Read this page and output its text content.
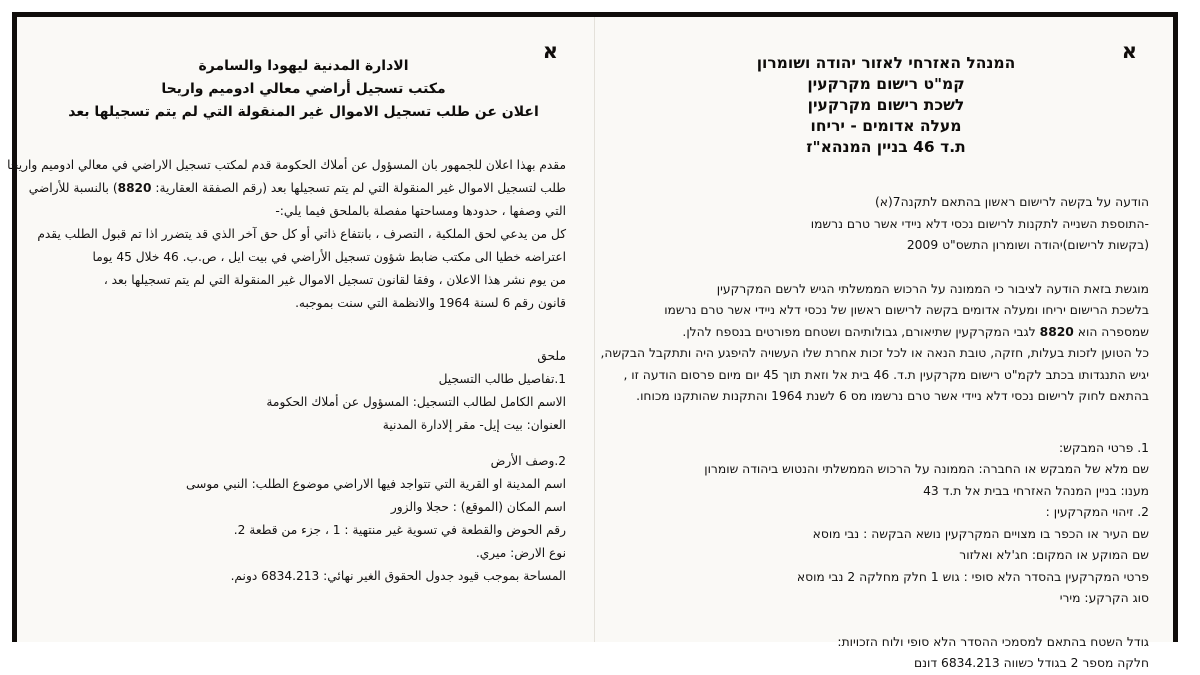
א
המנהל האזרחי לאזור יהודה ושומרון
קמ"ט רישום מקרקעין
לשכת רישום מקרקעין
מעלה אדומים - יריחו
ת.ד 46 בניין המנהא"ז
הודעה על בקשה לרישום ראשון בהתאם לתקנה7(א)
-התוספת השנייה לתקנות לרישום נכסי דלא ניידי אשר טרם נרשמו
(בקשות לרישום)יהודה ושומרון התשס"ט 2009
מוגשת בזאת הודעה לציבור כי הממונה על הרכוש הממשלתי הגיש לרשם המקרקעין
בלשכת הרישום יריחו ומעלה אדומים בקשה לרישום ראשון של נכסי דלא ניידי אשר טרם נרשמו
שמספרה הוא 8820 לגבי המקרקעין שתיאורם, גבולותיהם ושטחם מפורטים בנספח להלן.
כל הטוען לזכות בעלות, חזקה, טובת הנאה או לכל זכות אחרת שלו העשויה להיפגע היה ותתקבל הבקשה,
יגיש התנגדותו בכתב לקמ"ט רישום מקרקעין ת.ד. 46 בית אל וזאת תוך 45 יום מיום פרסום הודעה זו ,
בהתאם לחוק לרישום נכסי דלא ניידי אשר טרם נרשמו מס 6 לשנת 1964 והתקנות שהותקנו מכוחו.
1. פרטי המבקש:
שם מלא של המבקש או החברה: הממונה על הרכוש הממשלתי והנטוש ביהודה שומרון
מענו: בניין המנהל האזרחי בבית אל ת.ד 43
2. זיהוי המקרקעין :
שם העיר או הכפר בו מצויים המקרקעין נושא הבקשה : נבי מוסא
שם המוקע או המקום: חג'לא ואלזור
פרטי המקרקעין בהסדר הלא סופי : גוש 1 חלק מחלקה 2 נבי מוסא
סוג הקרקע: מירי
גודל השטח בהתאם למסמכי ההסדר הלא סופי ולוח הזכויות:
חלקה מספר 2 בגודל כשווה 6834.213 דונם
א
الادارة المدنية ليهودا والسامرة
مكتب تسجيل أراضي معالي ادوميم واريحا
اعلان عن طلب تسجيل الاموال غير المنقولة التي لم يتم تسجيلها بعد
مقدم بهذا اعلان للجمهور بان المسؤول عن أملاك الحكومة قدم لمكتب تسجيل الاراضي في معالي ادوميم واريحا
طلب لتسجيل الاموال غير المنقولة التي لم يتم تسجيلها بعد (رقم الصفقة العقارية: 8820) بالنسبة للأراضي
التي وصفها ، حدودها ومساحتها مفصلة بالملحق فيما يلي:-
كل من يدعي لحق الملكية ، التصرف ، بانتفاع ذاتي أو كل حق آخر الذي قد يتضرر اذا تم قبول الطلب يقدم
اعتراضه خطيا الى مكتب ضابط شؤون تسجيل الأراضي في بيت ايل ، ص.ب. 46 خلال 45 يوما
من يوم نشر هذا الاعلان ، وفقا لقانون تسجيل الاموال غير المنقولة التي لم يتم تسجيلها بعد ،
قانون رقم 6 لسنة 1964 والانظمة التي سنت بموجبه.
ملحق
1.تفاصيل طالب التسجيل
الاسم الكامل لطالب التسجيل: المسؤول عن أملاك الحكومة
العنوان: بيت إيل- مقر إلادارة المدنية
2.وصف الأرض
اسم المدينة او القرية التي تتواجد فيها الاراضي موضوع الطلب: النبي موسى
اسم المكان (الموقع) : حجلا والزور
رقم الحوض والقطعة في تسوية غير منتهية : 1 ، جزء من قطعة 2.
نوع الارض: ميري.
المساحة بموجب قيود جدول الحقوق الغير نهائي: 6834.213 دونم.
